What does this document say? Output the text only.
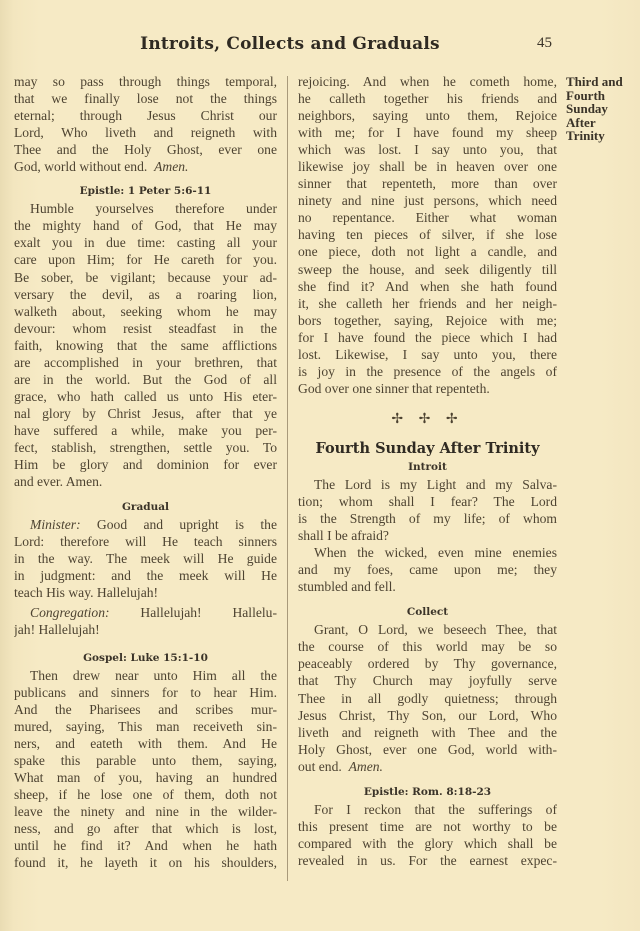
Introits, Collects and Graduals	45
may so pass through things temporal,
that we finally lose not the things
eternal; through Jesus Christ our
Lord, Who liveth and reigneth with
Thee and the Holy Ghost, ever one
God, world without end. Amen.
Epistle: 1 Peter 5:6-11
Humble yourselves therefore under
the mighty hand of God, that He may
exalt you in due time: casting all your
care upon Him; for He careth for you.
Be sober, be vigilant; because your ad-
versary the devil, as a roaring lion,
walketh about, seeking whom he may
devour: whom resist steadfast in the
faith, knowing that the same afflictions
are accomplished in your brethren, that
are in the world. But the God of all
grace, who hath called us unto His eter-
nal glory by Christ Jesus, after that ye
have suffered a while, make you per-
fect, stablish, strengthen, settle you. To
Him be glory and dominion for ever
and ever. Amen.
Gradual
Minister: Good and upright is the
Lord: therefore will He teach sinners
in the way. The meek will He guide
in judgment: and the meek will He
teach His way. Hallelujah!
Congregation: Hallelujah! Hallelu-
jah! Hallelujah!
Gospel: Luke 15:1-10
Then drew near unto Him all the
publicans and sinners for to hear Him.
And the Pharisees and scribes mur-
mured, saying, This man receiveth sin-
ners, and eateth with them. And He
spake this parable unto them, saying,
What man of you, having an hundred
sheep, if he lose one of them, doth not
leave the ninety and nine in the wilder-
ness, and go after that which is lost,
until he find it? And when he hath
found it, he layeth it on his shoulders,
rejoicing. And when he cometh home,
he calleth together his friends and
neighbors, saying unto them, Rejoice
with me; for I have found my sheep
which was lost. I say unto you, that
likewise joy shall be in heaven over one
sinner that repenteth, more than over
ninety and nine just persons, which need
no repentance. Either what woman
having ten pieces of silver, if she lose
one piece, doth not light a candle, and
sweep the house, and seek diligently till
she find it? And when she hath found
it, she calleth her friends and her neigh-
bors together, saying, Rejoice with me;
for I have found the piece which I had
lost. Likewise, I say unto you, there
is joy in the presence of the angels of
God over one sinner that repenteth.
✢ ✢ ✢
Fourth Sunday After Trinity
Introit
The Lord is my Light and my Salva-
tion; whom shall I fear? The Lord
is the Strength of my life; of whom
shall I be afraid?
When the wicked, even mine enemies
and my foes, came upon me; they
stumbled and fell.
Collect
Grant, O Lord, we beseech Thee, that
the course of this world may be so
peaceably ordered by Thy governance,
that Thy Church may joyfully serve
Thee in all godly quietness; through
Jesus Christ, Thy Son, our Lord, Who
liveth and reigneth with Thee and the
Holy Ghost, ever one God, world with-
out end. Amen.
Epistle: Rom. 8:18-23
For I reckon that the sufferings of
this present time are not worthy to be
compared with the glory which shall be
revealed in us. For the earnest expec-
Third and
Fourth
Sunday
After
Trinity
